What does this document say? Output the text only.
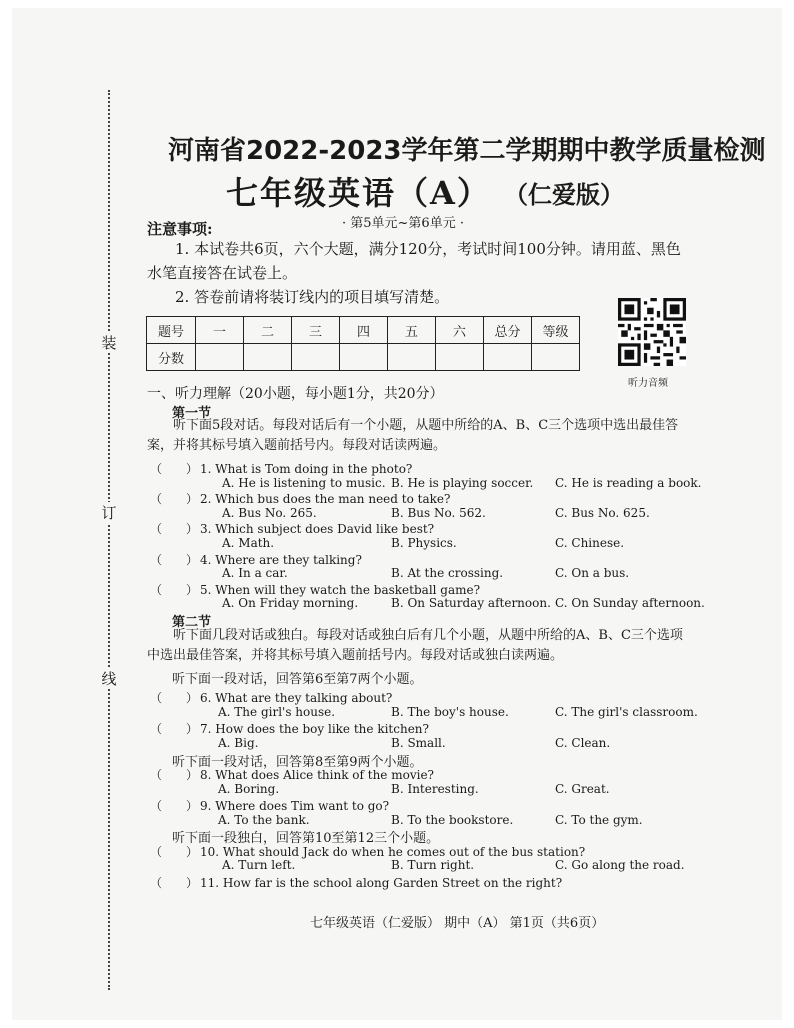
装
订
线
河南省2022-2023学年第二学期期中教学质量检测
七年级英语（A） （仁爱版）
· 第5单元~第6单元 ·
注意事项:
1. 本试卷共6页，六个大题，满分120分，考试时间100分钟。请用蓝、黑色
水笔直接答在试卷上。
2. 答卷前请将装订线内的项目填写清楚。
题号	一	二	三	四	五	六	总分	等级
分数								
听力音频
一、听力理解（20小题，每小题1分，共20分）
第一节
听下面5段对话。每段对话后有一个小题，从题中所给的A、B、C三个选项中选出最佳答案，并将其标号填入题前括号内。每段对话读两遍。
（　　） 1. What is Tom doing in the photo?
A. He is listening to music. B. He is playing soccer. C. He is reading a book.
（　　） 2. Which bus does the man need to take?
A. Bus No. 265.	B. Bus No. 562.	C. Bus No. 625.
（　　） 3. Which subject does David like best?
A. Math.	B. Physics.	C. Chinese.
（　　） 4. Where are they talking?
A. In a car.	B. At the crossing.	C. On a bus.
（　　） 5. When will they watch the basketball game?
A. On Friday morning.	B. On Saturday afternoon. C. On Sunday afternoon.
第二节
听下面几段对话或独白。每段对话或独白后有几个小题，从题中所给的A、B、C三个选项中选出最佳答案，并将其标号填入题前括号内。每段对话或独白读两遍。
听下面一段对话，回答第6至第7两个小题。
（　　） 6. What are they talking about?
A. The girl's house.	B. The boy's house.	C. The girl's classroom.
（　　） 7. How does the boy like the kitchen?
A. Big.	B. Small.	C. Clean.
听下面一段对话，回答第8至第9两个小题。
（　　） 8. What does Alice think of the movie?
A. Boring.	B. Interesting.	C. Great.
（　　） 9. Where does Tim want to go?
A. To the bank.	B. To the bookstore.	C. To the gym.
听下面一段独白，回答第10至第12三个小题。
（　　） 10. What should Jack do when he comes out of the bus station?
A. Turn left.	B. Turn right.	C. Go along the road.
（　　） 11. How far is the school along Garden Street on the right?
七年级英语（仁爱版） 期中（A） 第1页（共6页）
